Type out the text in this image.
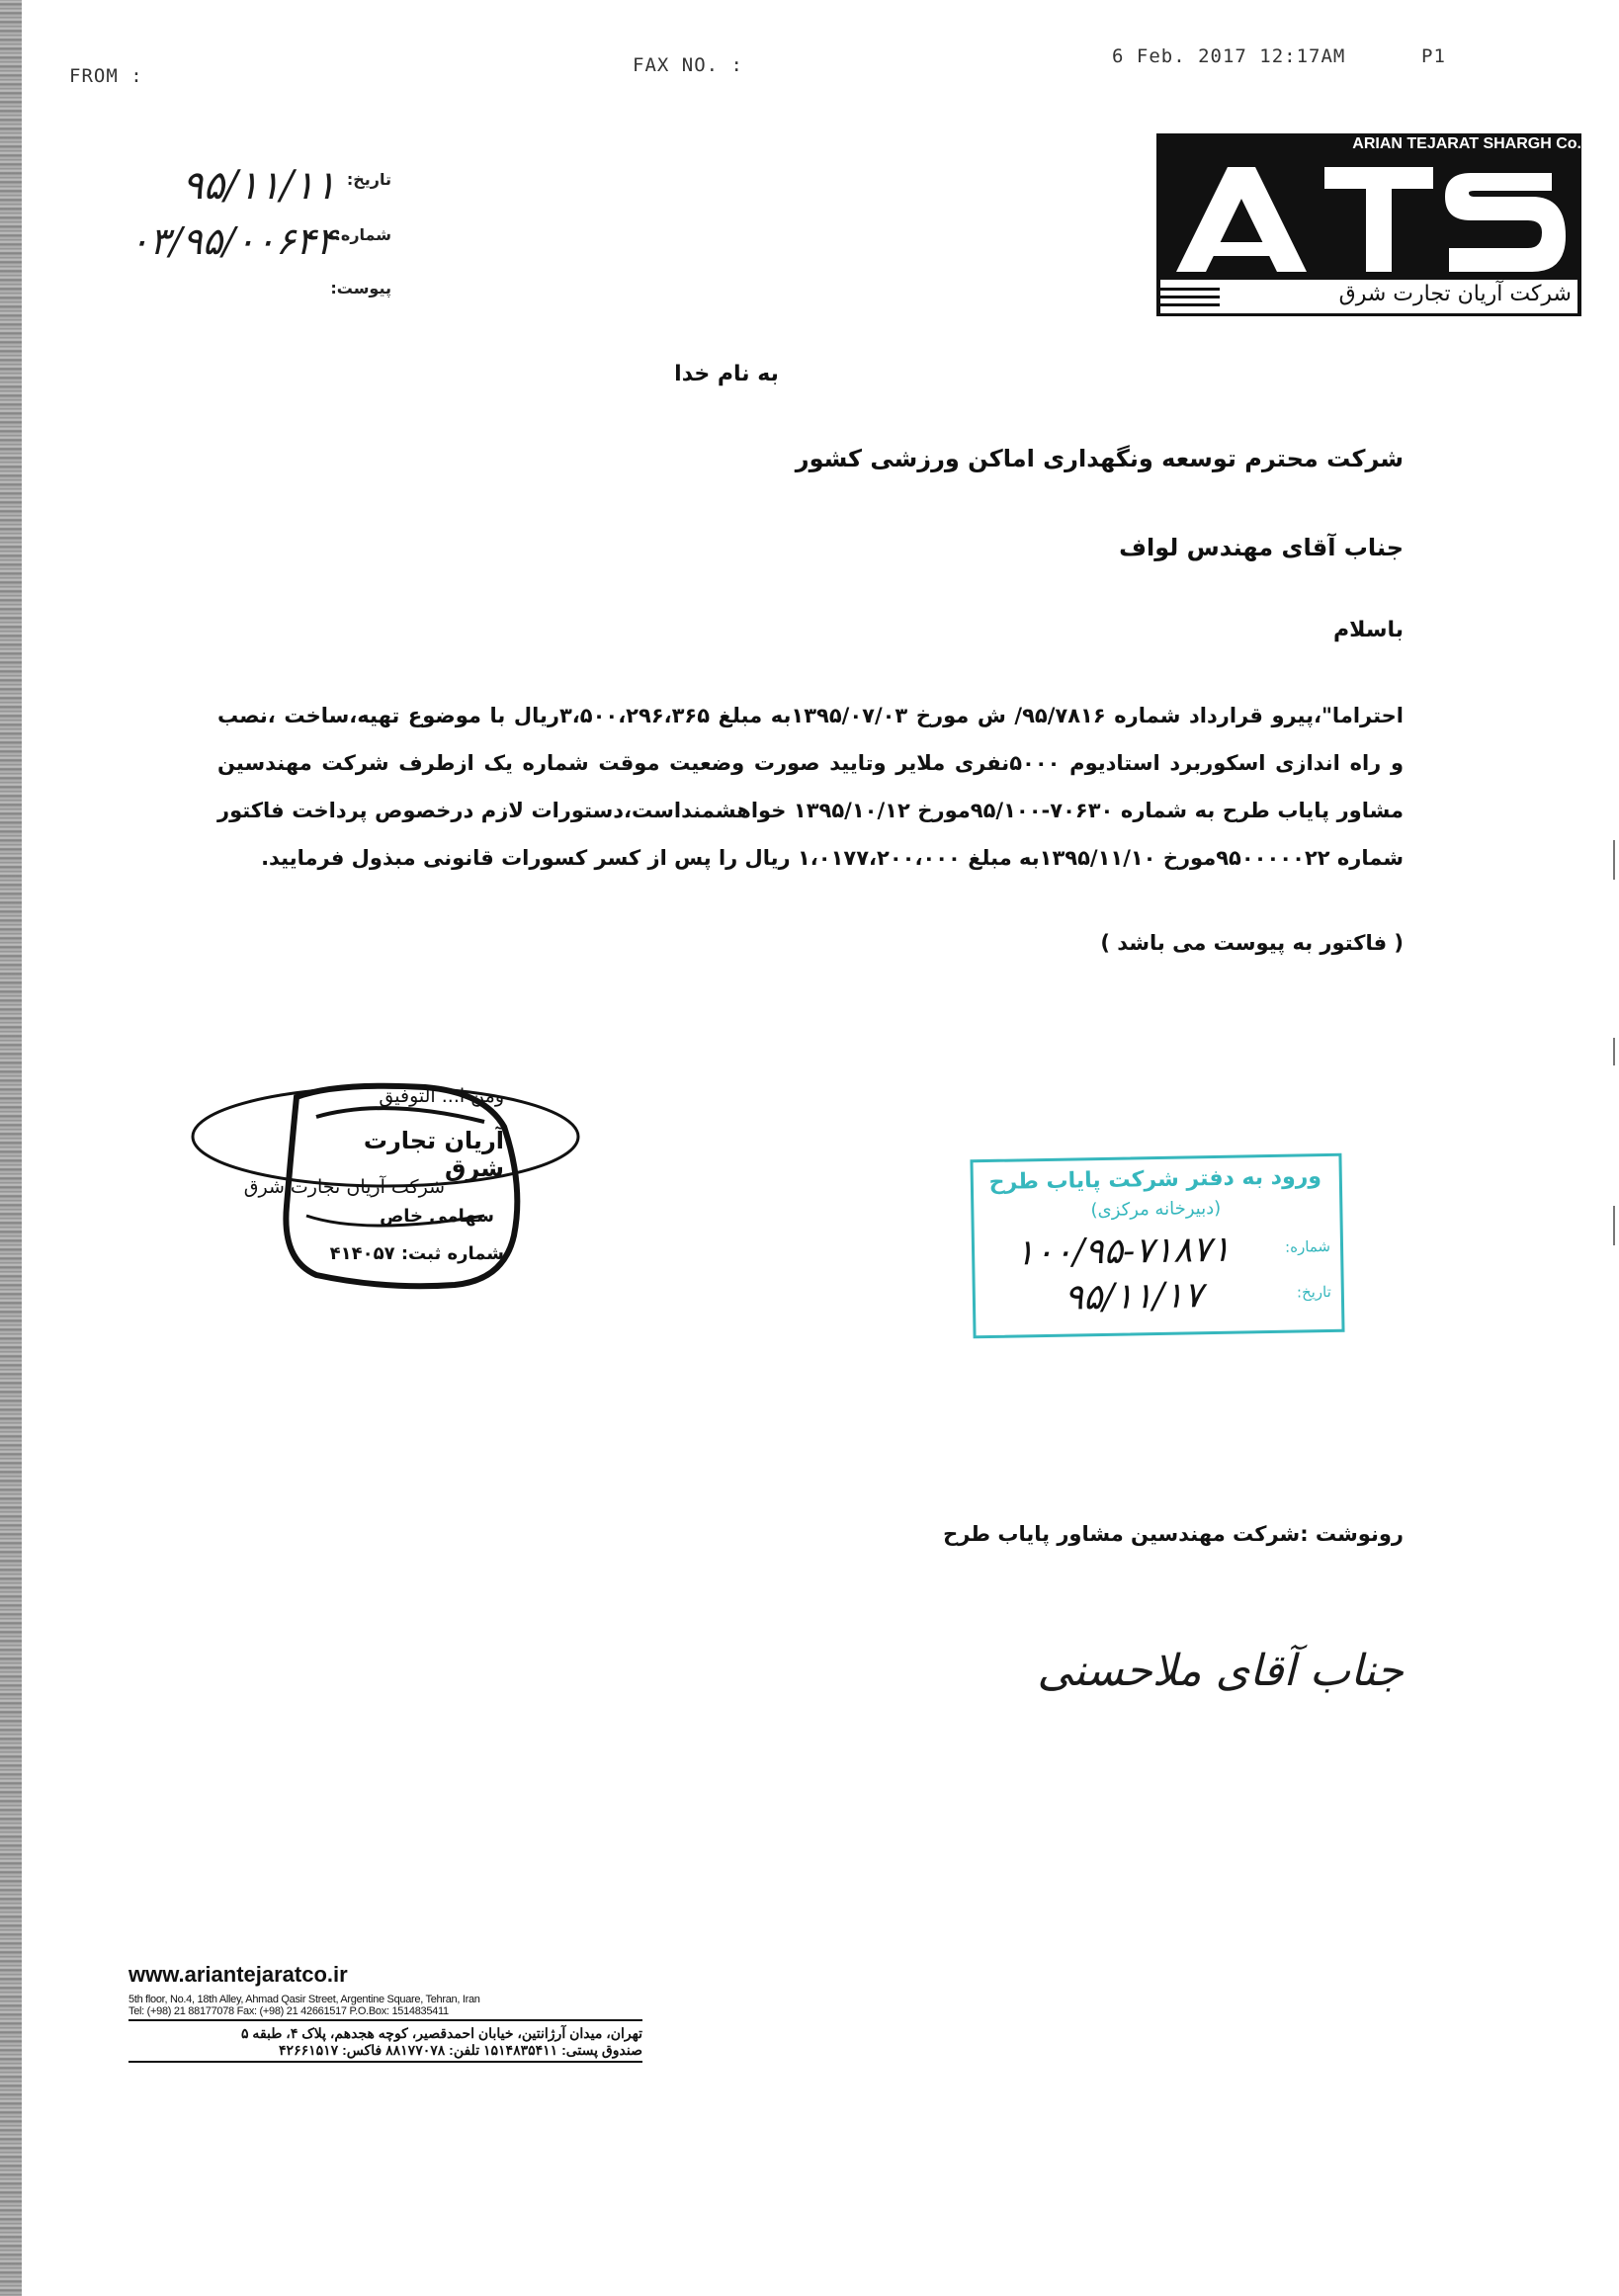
FROM :	FAX NO. :	6 Feb. 2017 12:17AM	P1
تاریخ:
۹۵/۱۱/۱۱
شماره:
۰۳/۹۵/۰۰۶۴۴
پیوست:
ARIAN TEJARAT SHARGH Co.
شرکت آریان تجارت شرق
به نام خدا
شرکت محترم توسعه ونگهداری اماکن ورزشی کشور
جناب آقای مهندس لواف
باسلام
احتراما"،پیرو قرارداد شماره ۹۵/۷۸۱۶/ ش مورخ ۱۳۹۵/۰۷/۰۳به مبلغ ۳،۵۰۰،۲۹۶،۳۶۵ریال با موضوع تهیه،ساخت ،نصب و راه اندازی اسکوربرد استادیوم ۵۰۰۰نفری ملایر وتایید صورت وضعیت موقت شماره یک ازطرف شرکت مهندسین مشاور پایاب طرح به شماره ۷۰۶۳۰-۹۵/۱۰۰مورخ ۱۳۹۵/۱۰/۱۲ خواهشمنداست،دستورات لازم درخصوص پرداخت فاکتور شماره ۹۵۰۰۰۰۰۲۲مورخ ۱۳۹۵/۱۱/۱۰به مبلغ ۱،۰۱۷۷،۲۰۰،۰۰۰ ریال را پس از کسر کسورات قانونی مبذول فرمایید.
( فاکتور به پیوست می باشد )
ومن ا... التوفیق
آریان تجارت شرق
شرکت آریان تجارت شرق
سهامی خاص
شماره ثبت: ۴۱۴۰۵۷
ورود به دفتر شرکت پایاب طرح
(دبیرخانه مرکزی)
شماره:
۱۰۰/۹۵-۷۱۸۷۱
تاریخ:
۹۵/۱۱/۱۷
رونوشت :شرکت مهندسین مشاور پایاب طرح
جناب آقای ملاحسنی
www.ariantejaratco.ir
5th floor, No.4, 18th Alley, Ahmad Qasir Street, Argentine Square, Tehran, Iran
Tel: (+98) 21 88177078 Fax: (+98) 21 42661517 P.O.Box: 1514835411
تهران، میدان آرژانتین، خیابان احمدقصیر، کوچه هجدهم، پلاک ۴، طبقه ۵
صندوق پستی: ۱۵۱۴۸۳۵۴۱۱ تلفن: ۸۸۱۷۷۰۷۸ فاکس: ۴۲۶۶۱۵۱۷
